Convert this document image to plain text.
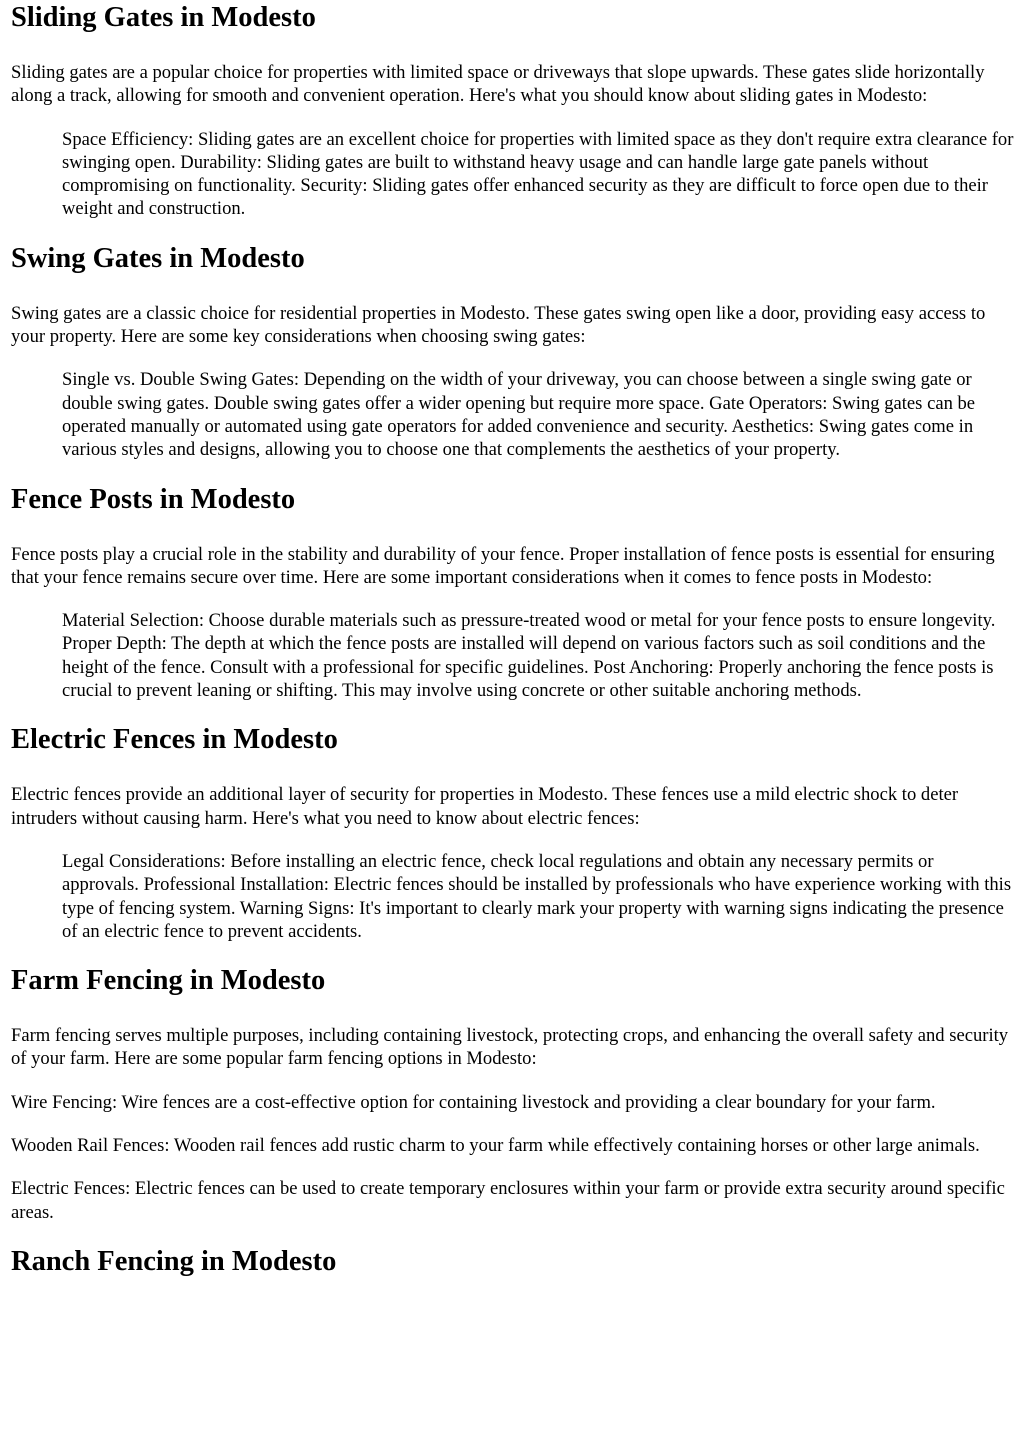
Sliding Gates in Modesto

Sliding gates are a popular choice for properties with limited space or driveways that slope upwards. These gates slide horizontally along a track, allowing for smooth and convenient operation. Here's what you should know about sliding gates in Modesto:

Space Efficiency: Sliding gates are an excellent choice for properties with limited space as they don't require extra clearance for swinging open. Durability: Sliding gates are built to withstand heavy usage and can handle large gate panels without compromising on functionality. Security: Sliding gates offer enhanced security as they are difficult to force open due to their weight and construction.
Swing Gates in Modesto

Swing gates are a classic choice for residential properties in Modesto. These gates swing open like a door, providing easy access to your property. Here are some key considerations when choosing swing gates:

Single vs. Double Swing Gates: Depending on the width of your driveway, you can choose between a single swing gate or double swing gates. Double swing gates offer a wider opening but require more space. Gate Operators: Swing gates can be operated manually or automated using gate operators for added convenience and security. Aesthetics: Swing gates come in various styles and designs, allowing you to choose one that complements the aesthetics of your property.
Fence Posts in Modesto

Fence posts play a crucial role in the stability and durability of your fence. Proper installation of fence posts is essential for ensuring that your fence remains secure over time. Here are some important considerations when it comes to fence posts in Modesto:

Material Selection: Choose durable materials such as pressure-treated wood or metal for your fence posts to ensure longevity. Proper Depth: The depth at which the fence posts are installed will depend on various factors such as soil conditions and the height of the fence. Consult with a professional for specific guidelines. Post Anchoring: Properly anchoring the fence posts is crucial to prevent leaning or shifting. This may involve using concrete or other suitable anchoring methods.
Electric Fences in Modesto

Electric fences provide an additional layer of security for properties in Modesto. These fences use a mild electric shock to deter intruders without causing harm. Here's what you need to know about electric fences:

Legal Considerations: Before installing an electric fence, check local regulations and obtain any necessary permits or approvals. Professional Installation: Electric fences should be installed by professionals who have experience working with this type of fencing system. Warning Signs: It's important to clearly mark your property with warning signs indicating the presence of an electric fence to prevent accidents.
Farm Fencing in Modesto

Farm fencing serves multiple purposes, including containing livestock, protecting crops, and enhancing the overall safety and security of your farm. Here are some popular farm fencing options in Modesto:

Wire Fencing: Wire fences are a cost-effective option for containing livestock and providing a clear boundary for your farm.

Wooden Rail Fences: Wooden rail fences add rustic charm to your farm while effectively containing horses or other large animals.

Electric Fences: Electric fences can be used to create temporary enclosures within your farm or provide extra security around specific areas.

Ranch Fencing in Modesto
